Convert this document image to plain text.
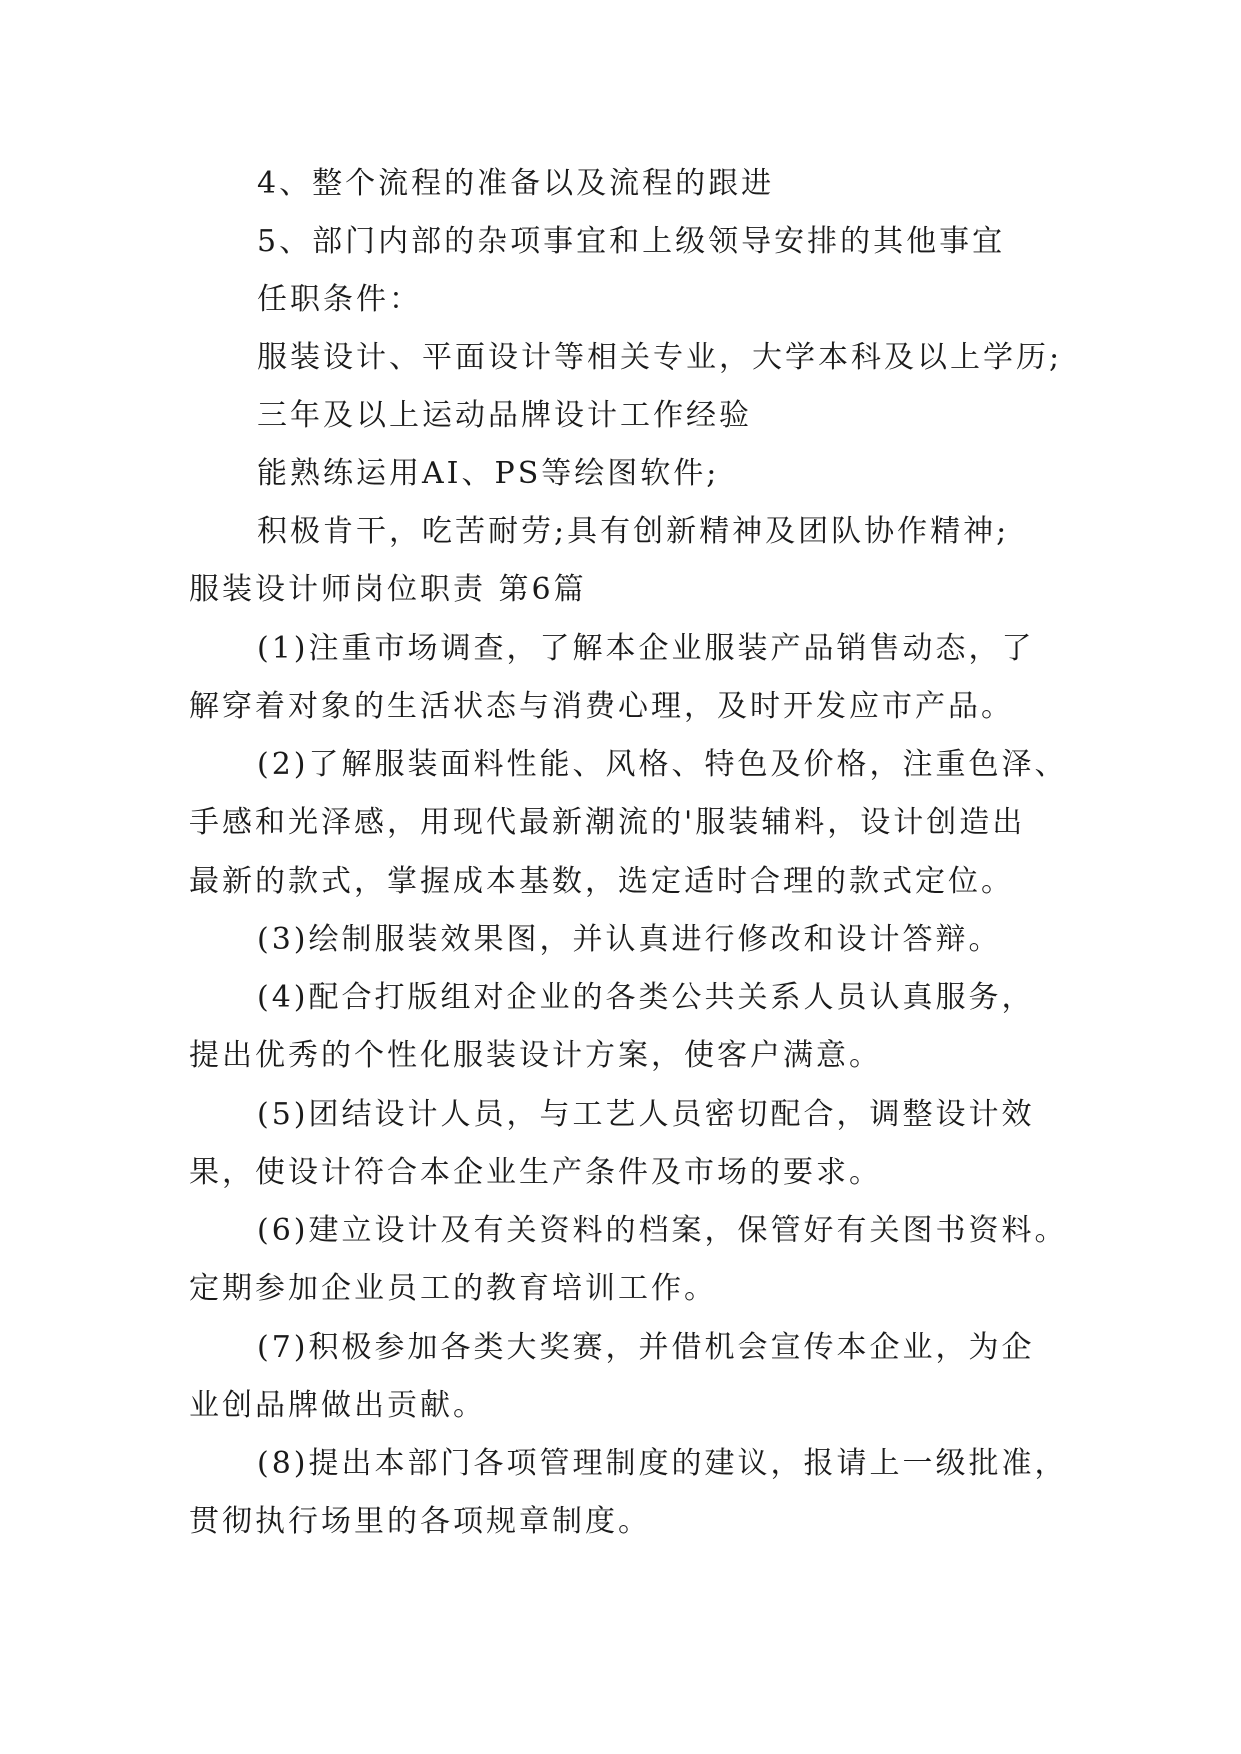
4、整个流程的准备以及流程的跟进
5、部门内部的杂项事宜和上级领导安排的其他事宜
任职条件：
服装设计、平面设计等相关专业，大学本科及以上学历;
三年及以上运动品牌设计工作经验
能熟练运用AI、PS等绘图软件;
积极肯干，吃苦耐劳;具有创新精神及团队协作精神;
服装设计师岗位职责 第6篇
(1)注重市场调查，了解本企业服装产品销售动态，了
解穿着对象的生活状态与消费心理，及时开发应市产品。
(2)了解服装面料性能、风格、特色及价格，注重色泽、
手感和光泽感，用现代最新潮流的'服装辅料，设计创造出
最新的款式，掌握成本基数，选定适时合理的款式定位。
(3)绘制服装效果图，并认真进行修改和设计答辩。
(4)配合打版组对企业的各类公共关系人员认真服务，
提出优秀的个性化服装设计方案，使客户满意。
(5)团结设计人员，与工艺人员密切配合，调整设计效
果，使设计符合本企业生产条件及市场的要求。
(6)建立设计及有关资料的档案，保管好有关图书资料。
定期参加企业员工的教育培训工作。
(7)积极参加各类大奖赛，并借机会宣传本企业，为企
业创品牌做出贡献。
(8)提出本部门各项管理制度的建议，报请上一级批准，
贯彻执行场里的各项规章制度。
